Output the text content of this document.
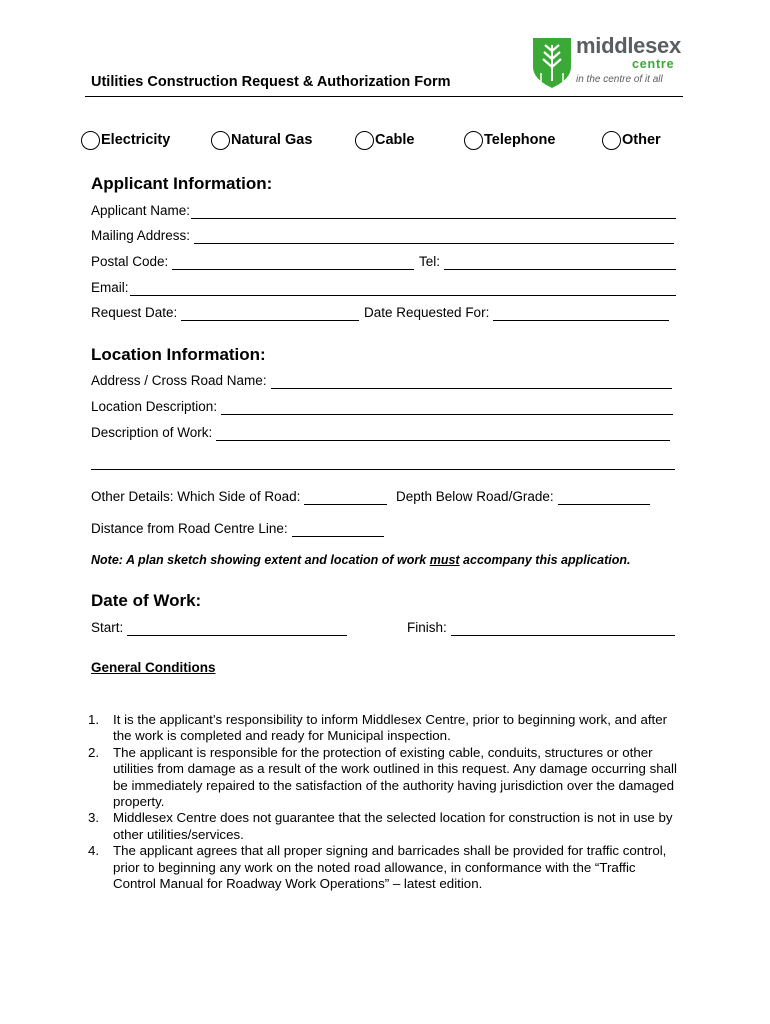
Utilities Construction Request & Authorization Form
middlesex
centre
in the centre of it all
Electricity	Natural Gas	Cable	Telephone	Other
Applicant Information:
Applicant Name:
Mailing Address:
Postal Code:	Tel:
Email:
Request Date:	Date Requested For:
Location Information:
Address / Cross Road Name:
Location Description:
Description of Work:
Other Details: Which Side of Road:	Depth Below Road/Grade:
Distance from Road Centre Line:
Note: A plan sketch showing extent and location of work must accompany this application.
Date of Work:
Start:	Finish:
General Conditions
1. It is the applicant’s responsibility to inform Middlesex Centre, prior to beginning work, and after the work is completed and ready for Municipal inspection.
2. The applicant is responsible for the protection of existing cable, conduits, structures or other utilities from damage as a result of the work outlined in this request. Any damage occurring shall be immediately repaired to the satisfaction of the authority having jurisdiction over the damaged property.
3. Middlesex Centre does not guarantee that the selected location for construction is not in use by other utilities/services.
4. The applicant agrees that all proper signing and barricades shall be provided for traffic control, prior to beginning any work on the noted road allowance, in conformance with the “Traffic Control Manual for Roadway Work Operations” – latest edition.
